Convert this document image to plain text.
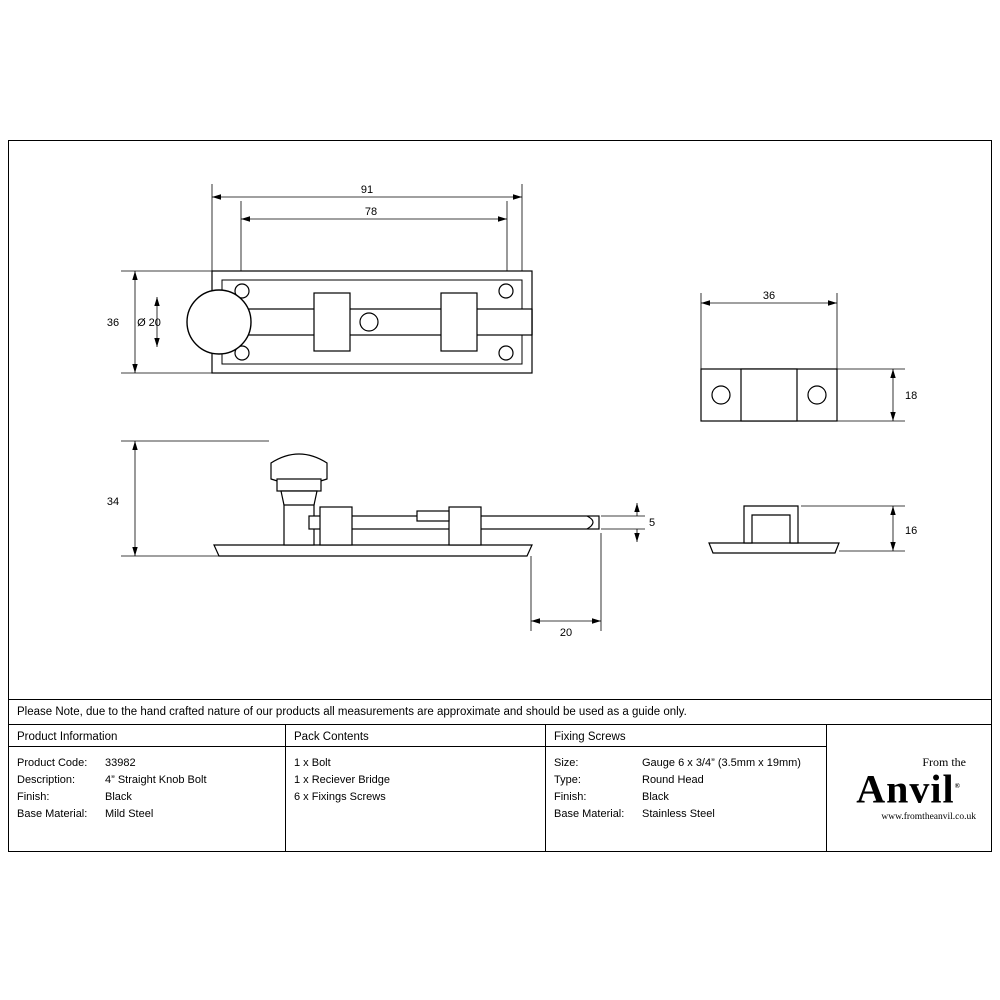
91
78
36 Ø 20
34
5
20
36
18
16
Please Note, due to the hand crafted nature of our products all measurements are approximate and should be used as a guide only.
Product Information
Product Code:	33982
Description:	4” Straight Knob Bolt
Finish:	Black
Base Material:	Mild Steel
Pack Contents
1 x Bolt
1 x Reciever Bridge
6 x Fixings Screws
Fixing Screws
Size:	Gauge 6 x 3/4” (3.5mm x 19mm)
Type:	Round Head
Finish:	Black
Base Material:	Stainless Steel
From the
Anvil®
www.fromtheanvil.co.uk
